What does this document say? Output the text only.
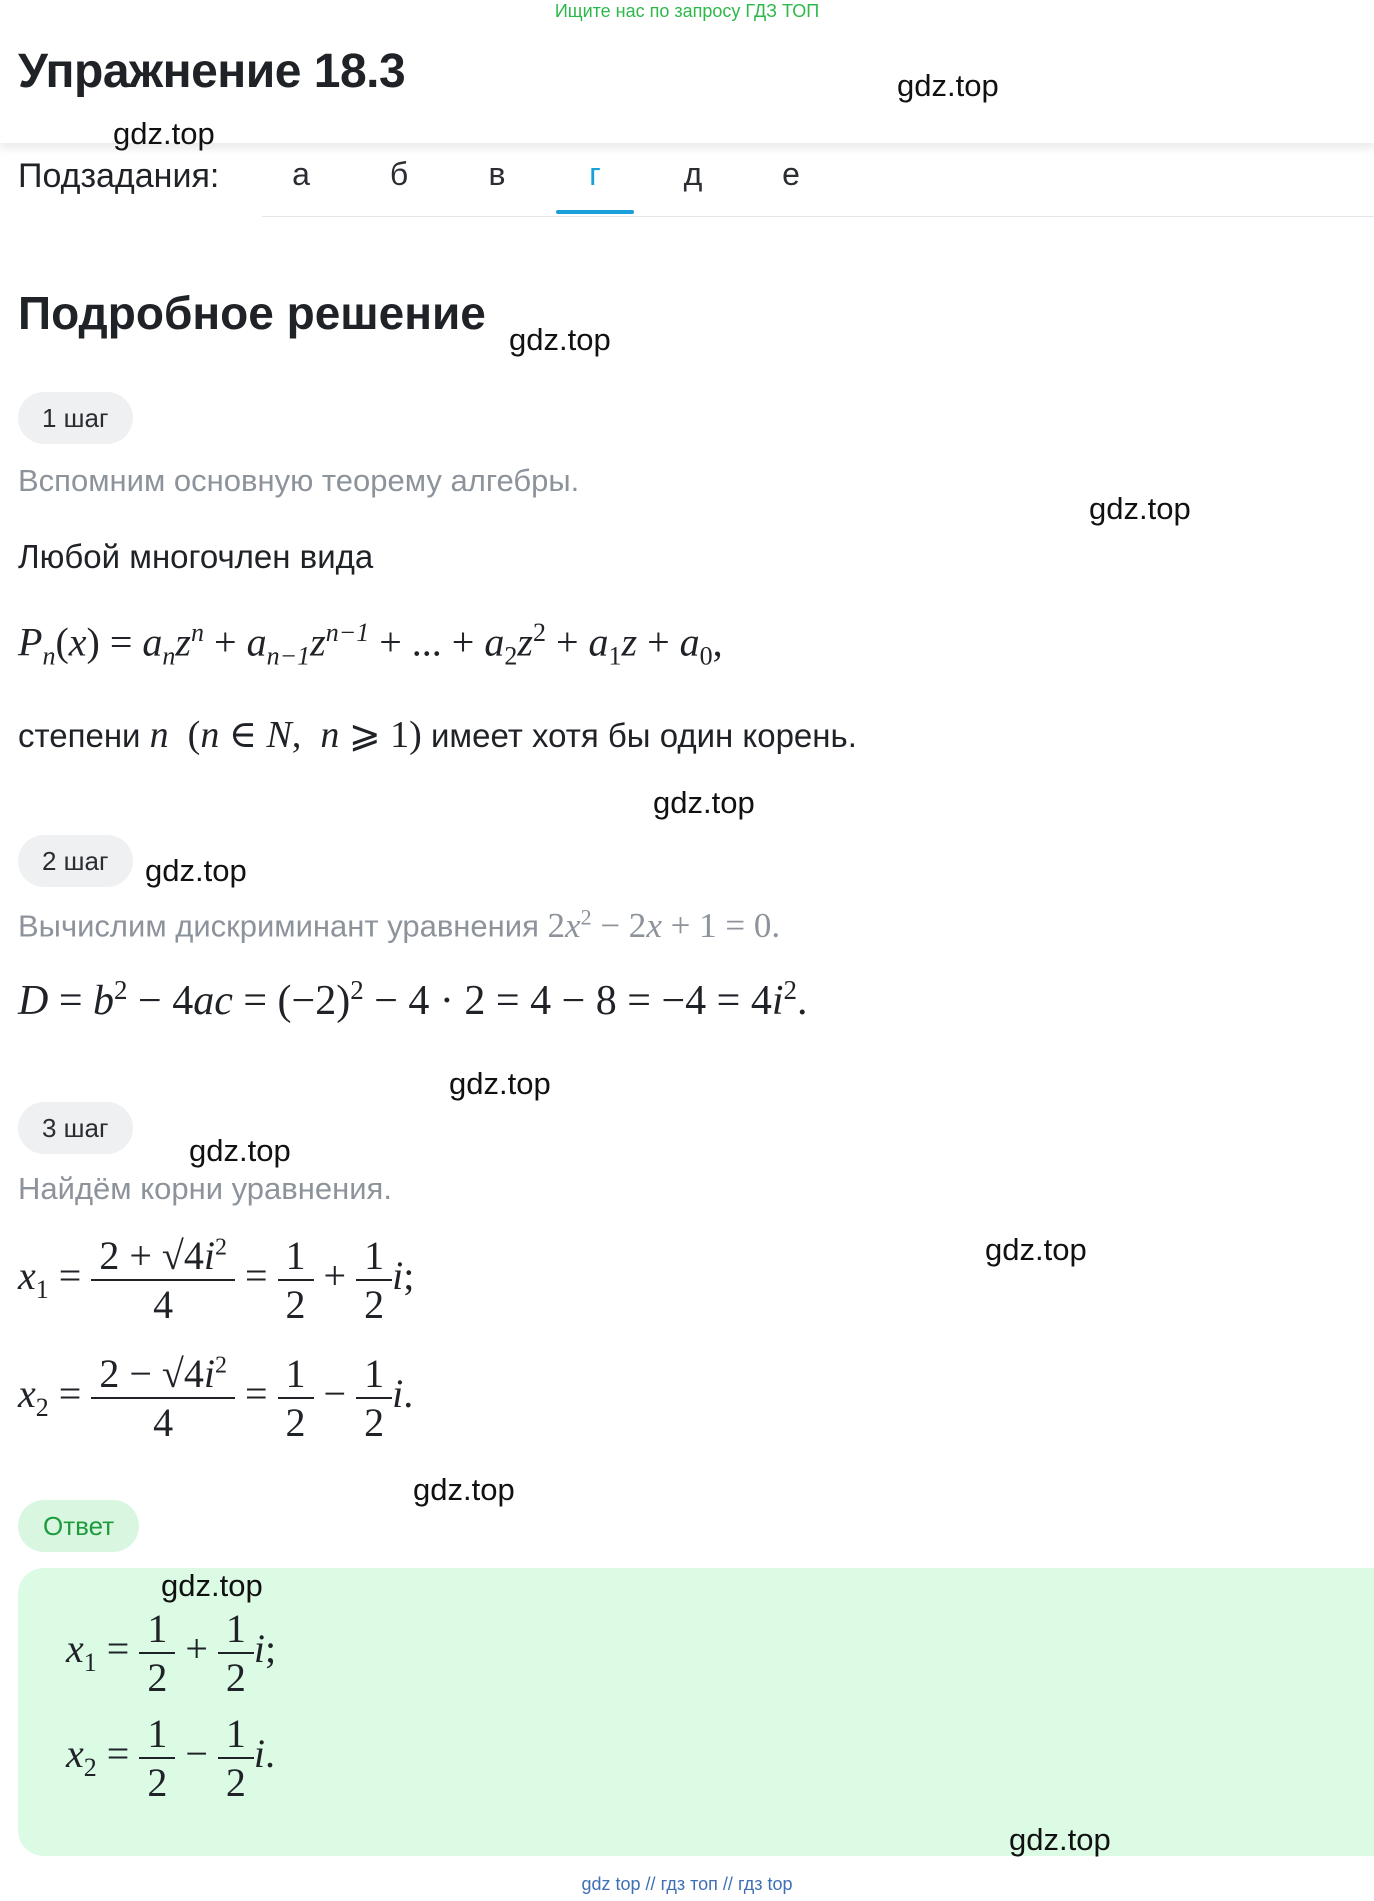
Ищите нас по запросу ГДЗ ТОП
Упражнение 18.3
Подзадания:	а	б	в	г	д	е
Подробное решение
1 шаг
Вспомним основную теорему алгебры.
Любой многочлен вида
$P_n(x) = a_nz^n + a_{n-1}z^{n-1}$ + ... + $a_2z^2 + a_1z + a_0$,
степени n  (n ∈ N,  n ⩾ 1) имеет хотя бы один корень.
2 шаг
Вычислим дискриминант уравнения $2x^2 - 2x + 1 = 0$.
$D = b^2 - 4ac = (-2)^2 - 4 \cdot 2 = 4 - 8 = -4 = 4i^2$.
3 шаг
Найдём корни уравнения.
$x_1 = \frac{2 + √4i^2}{4} = \frac{1}{2} + \frac{1}{2} i$;
$x_2 = \frac{2 - √4i^2}{4} = \frac{1}{2} - \frac{1}{2} i$.
Ответ
$x_1 = \frac{1}{2} + \frac{1}{2} i$;
$x_2 = \frac{1}{2} - \frac{1}{2} i$.
gdz.top
gdz.top
gdz.top
gdz.top
gdz.top
gdz.top
gdz.top
gdz.top
gdz.top
gdz.top
gdz.top
gdz.top
gdz top // гдз топ // гдз top
